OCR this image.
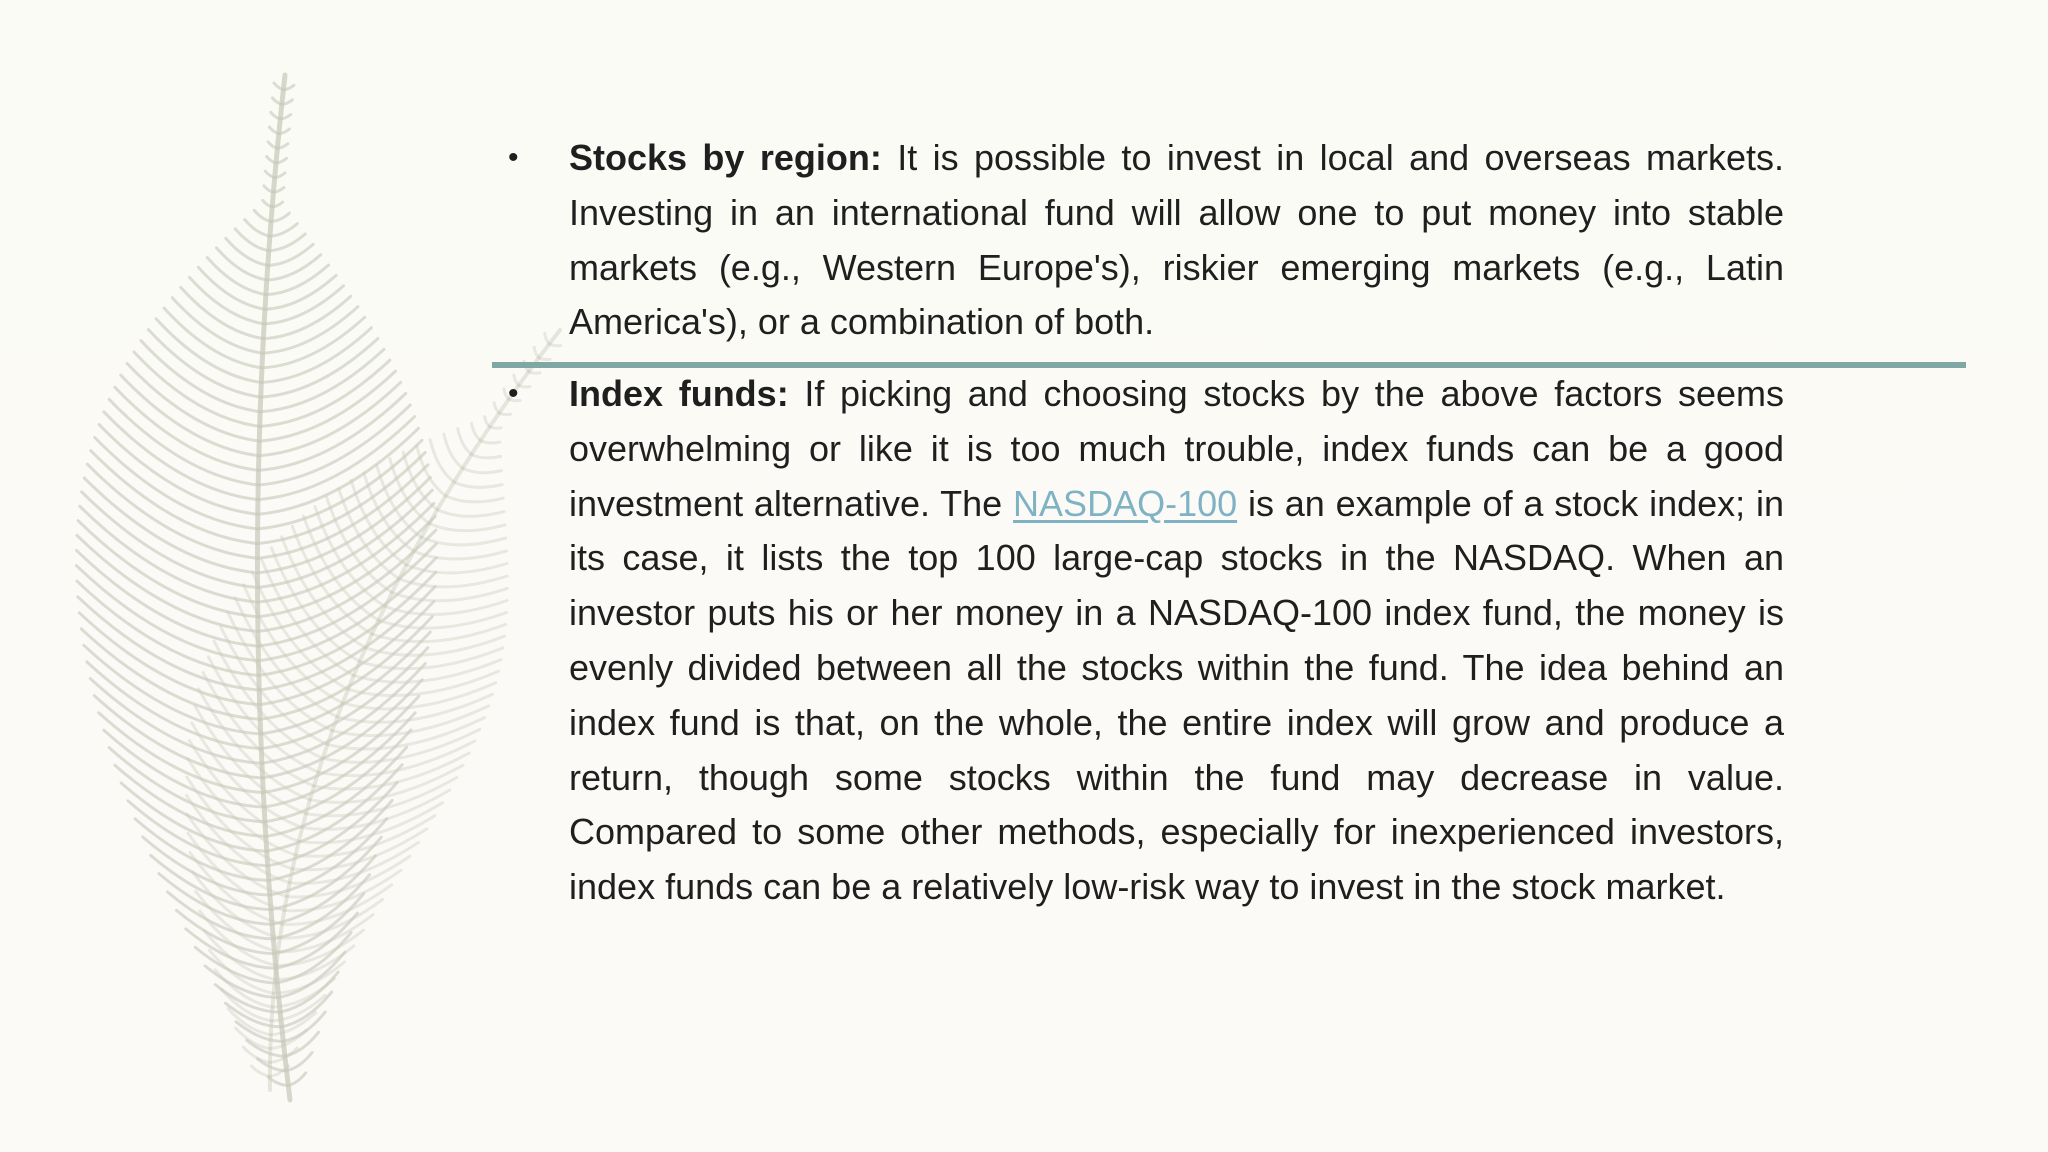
•	Stocks by region: It is possible to invest in local and overseas markets. Investing in an international fund will allow one to put money into stable markets (e.g., Western Europe's), riskier emerging markets (e.g., Latin America's), or a combination of both.
•	Index funds: If picking and choosing stocks by the above factors seems overwhelming or like it is too much trouble, index funds can be a good investment alternative. The NASDAQ-100 is an example of a stock index; in its case, it lists the top 100 large-cap stocks in the NASDAQ. When an investor puts his or her money in a NASDAQ-100 index fund, the money is evenly divided between all the stocks within the fund. The idea behind an index fund is that, on the whole, the entire index will grow and produce a return, though some stocks within the fund may decrease in value. Compared to some other methods, especially for inexperienced investors, index funds can be a relatively low-risk way to invest in the stock market.
